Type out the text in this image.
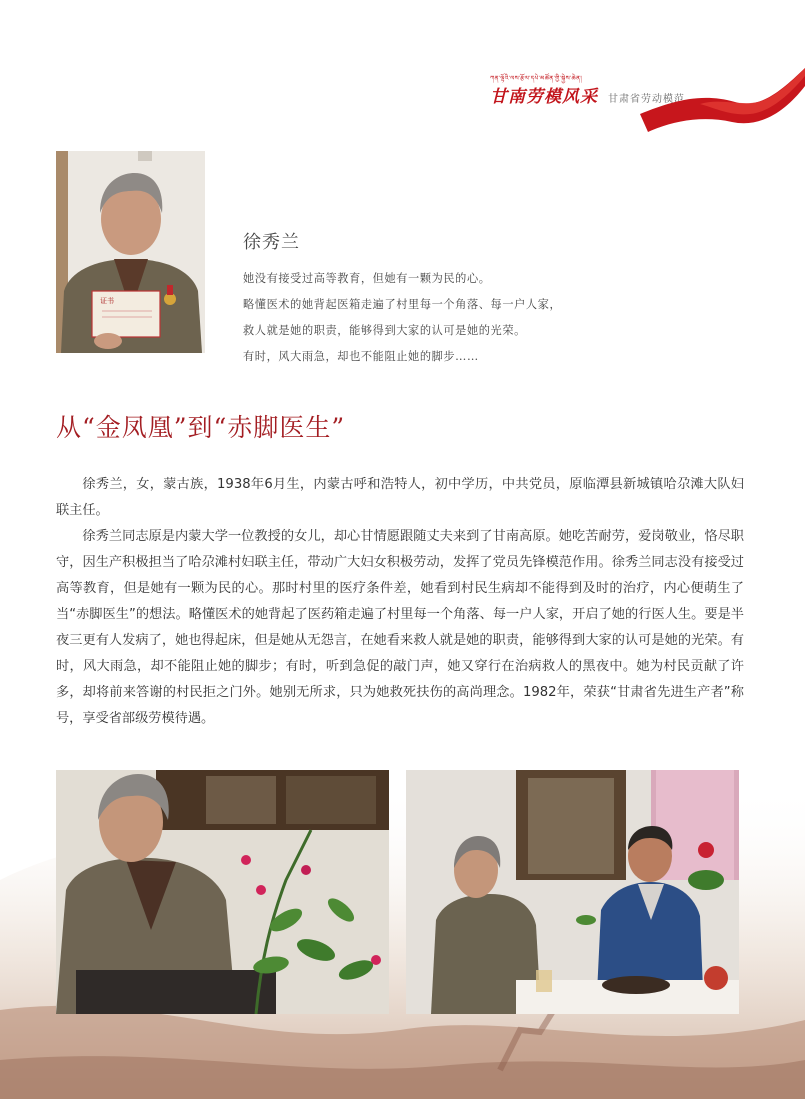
ཀན་ལྷོའི་ལས་རྩོལ་དཔེ་མཚོན་གྱི་སྐྱེས་ཆེན།
甘南劳模风采 甘肃省劳动模范
证书
徐秀兰
她没有接受过高等教育，但她有一颗为民的心。
略懂医术的她背起医箱走遍了村里每一个角落、每一户人家，
救人就是她的职责，能够得到大家的认可是她的光荣。
有时，风大雨急，却也不能阻止她的脚步……
从“金凤凰”到“赤脚医生”

徐秀兰，女，蒙古族，1938年6月生，内蒙古呼和浩特人，初中学历，中共党员，原临潭县新城镇哈尕滩大队妇联主任。

徐秀兰同志原是内蒙大学一位教授的女儿，却心甘情愿跟随丈夫来到了甘南高原。她吃苦耐劳，爱岗敬业，恪尽职守，因生产积极担当了哈尕滩村妇联主任，带动广大妇女积极劳动，发挥了党员先锋模范作用。徐秀兰同志没有接受过高等教育，但是她有一颗为民的心。那时村里的医疗条件差，她看到村民生病却不能得到及时的治疗，内心便萌生了当“赤脚医生”的想法。略懂医术的她背起了医药箱走遍了村里每一个角落、每一户人家，开启了她的行医人生。要是半夜三更有人发病了，她也得起床，但是她从无怨言，在她看来救人就是她的职责，能够得到大家的认可是她的光荣。有时，风大雨急，却不能阻止她的脚步；有时，听到急促的敲门声，她又穿行在治病救人的黑夜中。她为村民贡献了许多，却将前来答谢的村民拒之门外。她别无所求，只为她救死扶伤的高尚理念。1982年，荣获“甘肃省先进生产者”称号，享受省部级劳模待遇。
